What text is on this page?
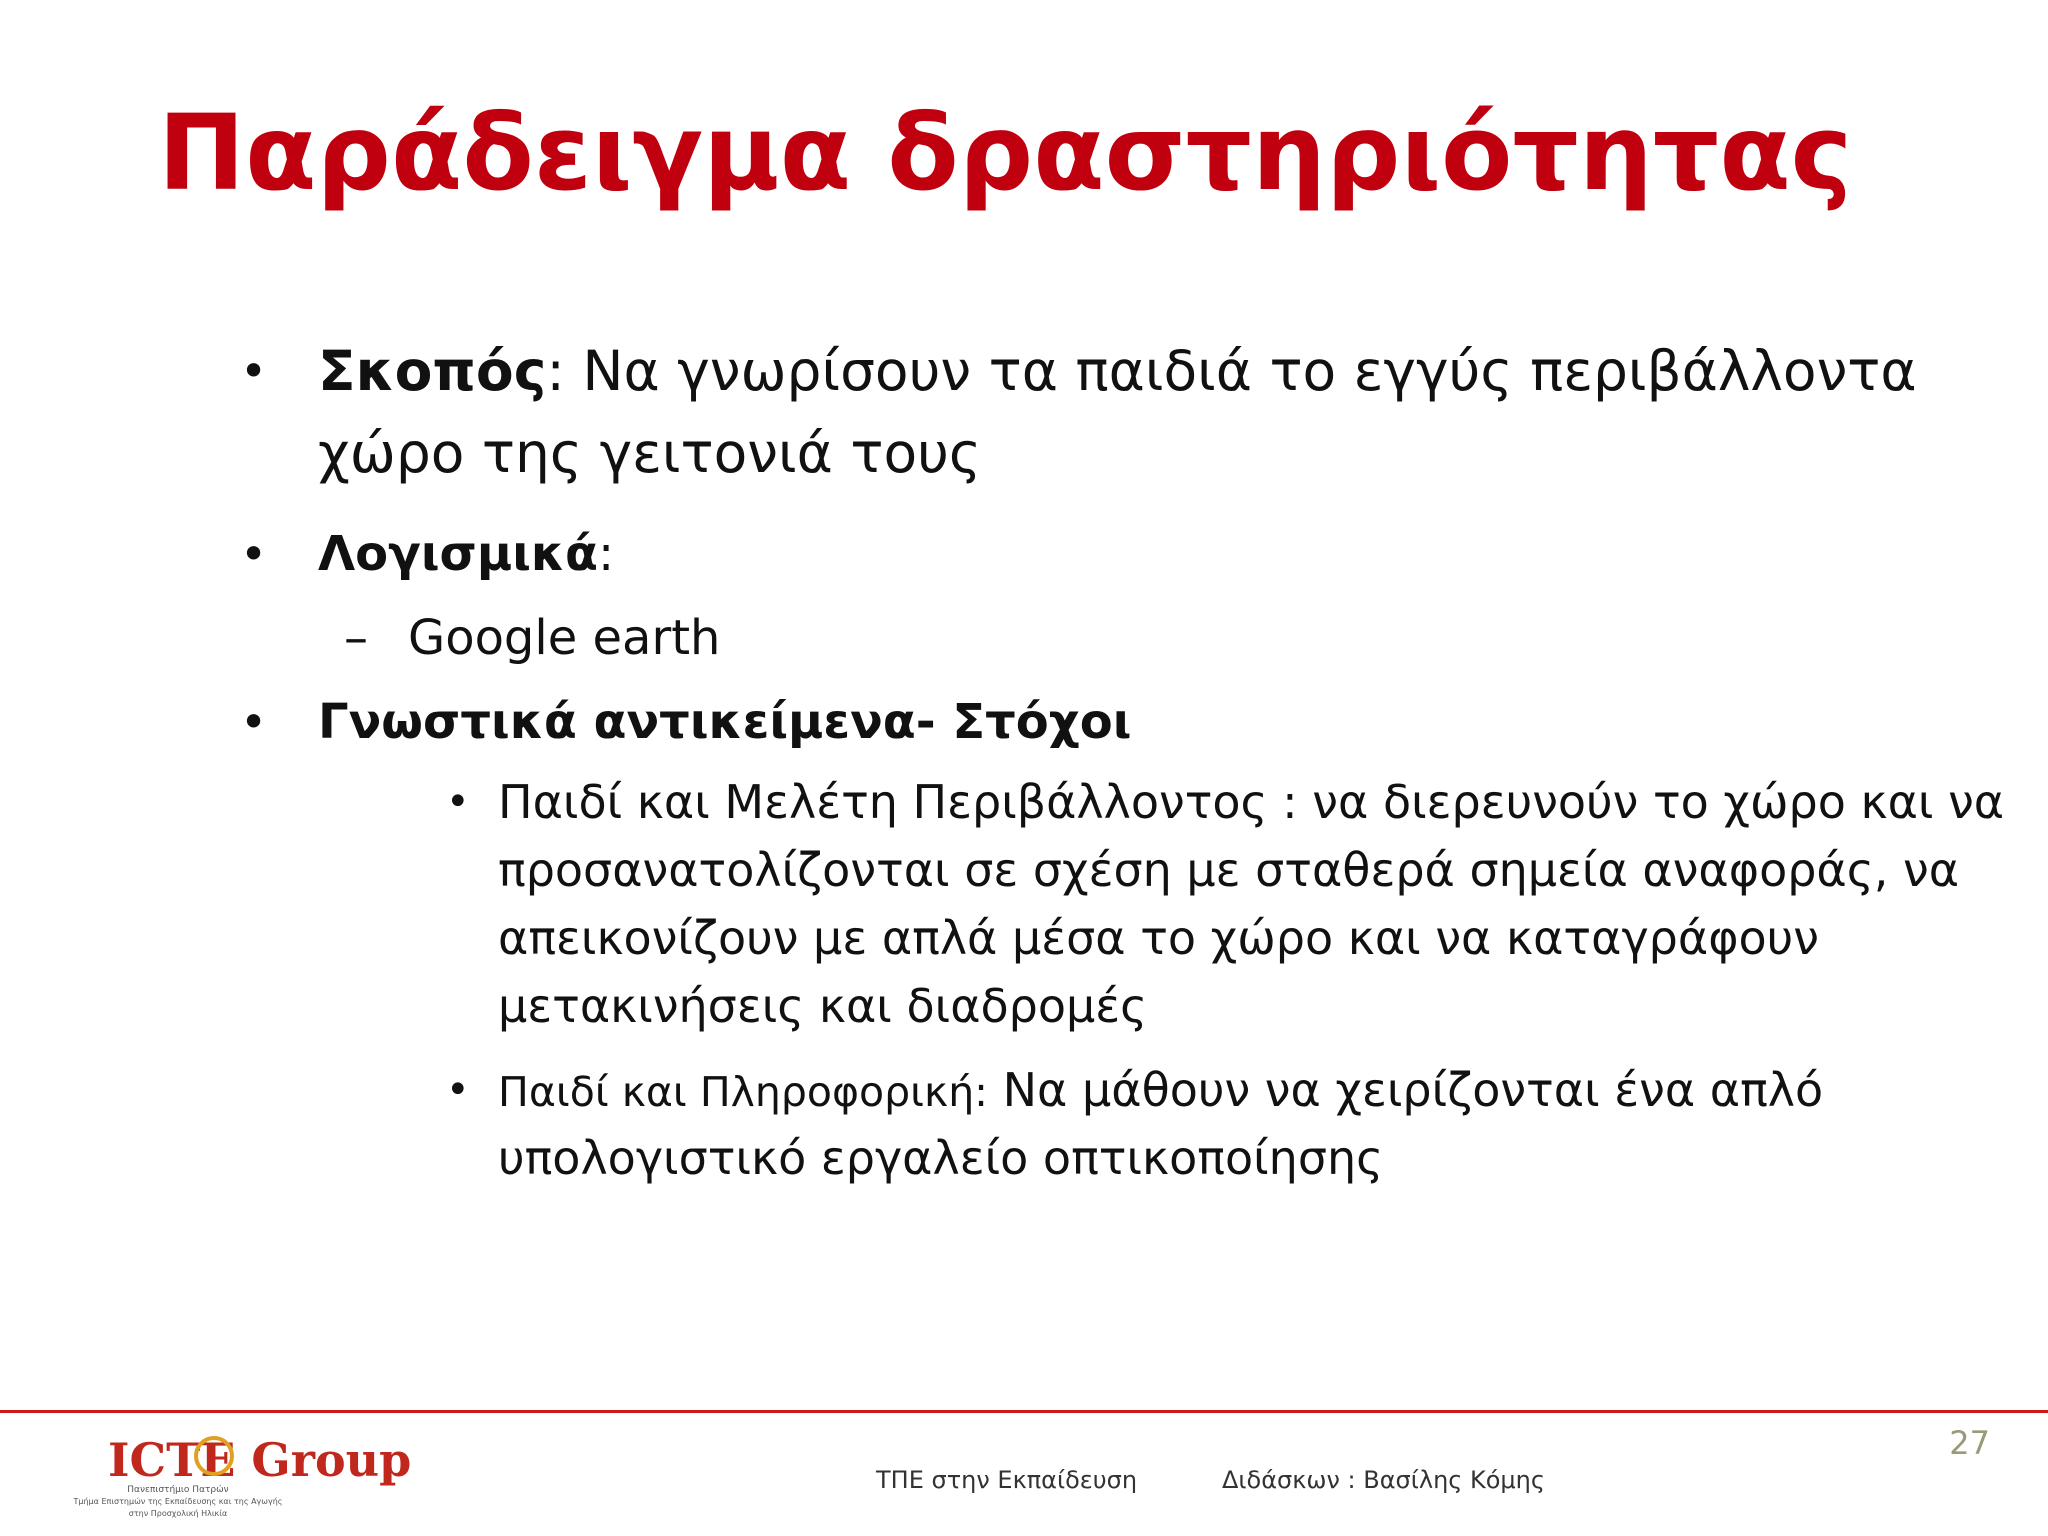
Παράδειγμα δραστηριότητας

• Σκοπός: Να γνωρίσουν τα παιδιά το εγγύς περιβάλλοντα

χώρο της γειτονιά τους

• Λογισμικά:

– Google earth

• Γνωστικά αντικείμενα- Στόχοι

• Παιδί και Μελέτη Περιβάλλοντος : να διερευνούν το χώρο και να

προσανατολίζονται σε σχέση με σταθερά σημεία αναφοράς, να

απεικονίζουν με απλά μέσα το χώρο και να καταγράφουν

μετακινήσεις και διαδρομές

• Παιδί και Πληροφορική: Να μάθουν να χειρίζονται ένα απλό

υπολογιστικό εργαλείο οπτικοποίησης

ICTE Group
Πανεπιστήμιο Πατρών
Τμήμα Επιστημών της Εκπαίδευσης και της Αγωγής
στην Προσχολική Ηλικία
ΤΠΕ στην Εκπαίδευση	Διδάσκων : Βασίλης Κόμης
27
